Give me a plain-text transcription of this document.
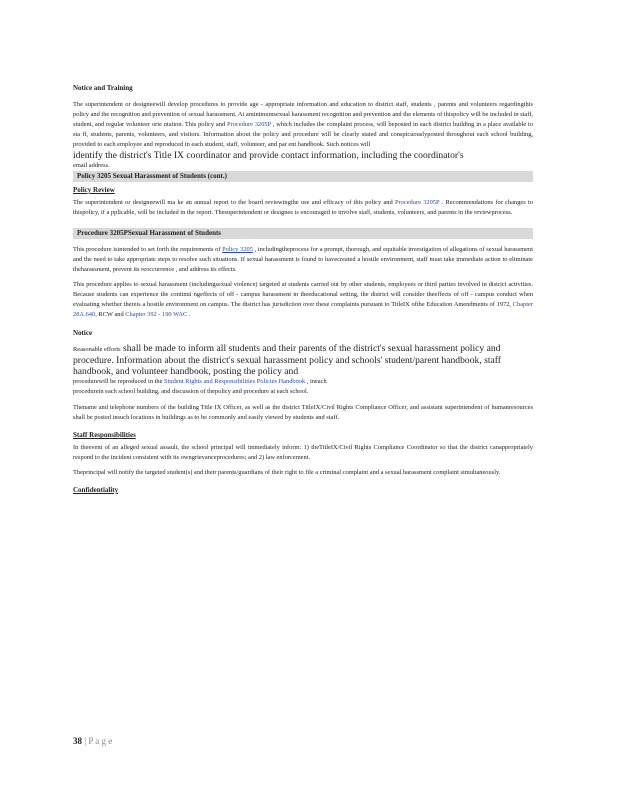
Notice and Training

The superintendent or designeewill develop procedures to provide age - appropriate information and education to district staff, students , parents and volunteers regardingthis policy and the recognition and prevention of sexual harassment. At aminimumsexual harassment recognition and prevention and the elements of thispolicy will be included in staff, student, and regular volunteer orie ntation. This policy and Procedure 3205P , which includes the complaint process, will beposted in each district building in a place available to sta ff, students, parents, volunteers, and visitors. Information about the policy and procedure will be clearly stated and conspicuouslyposted throughout each school building, provided to each employee and reproduced in each student, staff, volunteer, and par ent handbook. Such notices will

identify the district's Title IX coordinator and provide contact information, including the coordinator's

email address.

Policy 3205 Sexual Harassment of Students (cont.)

Policy Review

The superintendent or designeewill ma ke an annual report to the board reviewingthe use and efficacy of this policy and Procedure 3205P . Recommendations for changes to thispolicy, if a pplicable, will be included in the report. Thesuperintendent or designee is encouraged to involve staff, students, volunteers, and parents in the reviewprocess.

Procedure 3205PSexual Harassment of Students

This procedure isintended to set forth the requirements of Policy 3205 , includingtheprocess for a prompt, thorough, and equitable investigation of allegations of sexual harassment and the need to take appropriate steps to resolve such situations. If sexual harassment is found to havecreated a hostile environment, staff must take immediate action to eliminate theharassment, prevent its reoccurrence , and address its effects.

This procedure applies to sexual harassment (includingsexual violence) targeted at students carried out by other students, employees or third parties involved in district activities. Because students can experience the continui ngeffects of off - campus harassment in theeducational setting, the district will consider theeffects of off - campus conduct when evaluating whether thereis a hostile environment on campus. The district has jurisdiction over these complaints pursuant to TitleIX ofthe Education Amendments of 1972, Chapter 28A.640, RCW and Chapter 392 - 190 WAC .

Notice

Reasonable efforts shall be made to inform all students and their parents of the district's sexual harassment policy and procedure. Information about the district's sexual harassment policy and schools' student/parent handbook, staff handbook, and volunteer handbook, posting the policy and

procedurewill be reproduced in the Student Rights and Responsibilities Policies Handbook , ineach

procedurein each school building, and discussion of thepolicy and procedure at each school.

Thename and telephone numbers of the building Title IX Officer, as well as the district TitleIX/Civil Rights Compliance Officer, and assistant superintendent of humanresources shall be posted insuch locations in buildings as to be commonly and easily viewed by students and staff.

Staff Responsibilities

In theevent of an alleged sexual assault, the school principal will immediately inform: 1) theTitleIX/Civil Rights Compliance Coordinator so that the district canappropriately respond to the incident consistent with its owngrievanceprocedures; and 2) law enforcement.

Theprincipal will notify the targeted student(s) and their parents/guardians of their right to file a criminal complaint and a sexual harassment complaint simultaneously.

Confidentiality

38 | P a g e
